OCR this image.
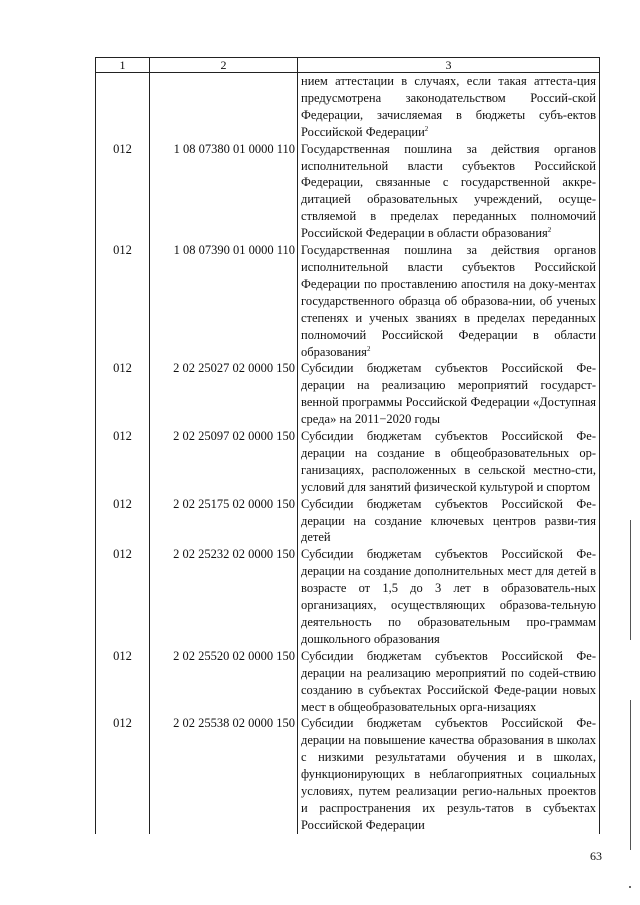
1	2	3
		нием аттестации в случаях, если такая аттеста-ция предусмотрена законодательством Россий-ской Федерации, зачисляемая в бюджеты субъ-ектов Российской Федерации$^2$
012	1 08 07380 01 0000 110	Государственная пошлина за действия органов исполнительной власти субъектов Российской Федерации, связанные с государственной аккре-дитацией образовательных учреждений, осуще-ствляемой в пределах переданных полномочий Российской Федерации в области образования$^2$
012	1 08 07390 01 0000 110	Государственная пошлина за действия органов исполнительной власти субъектов Российской Федерации по проставлению апостиля на доку-ментах государственного образца об образова-нии, об ученых степенях и ученых званиях в пределах переданных полномочий Российской Федерации в области образования$^2$
012	2 02 25027 02 0000 150	Субсидии бюджетам субъектов Российской Фе-дерации на реализацию мероприятий государст-венной программы Российской Федерации «Доступная среда» на 2011−2020 годы
012	2 02 25097 02 0000 150	Субсидии бюджетам субъектов Российской Фе-дерации на создание в общеобразовательных ор-ганизациях, расположенных в сельской местно-сти, условий для занятий физической культурой и спортом
012	2 02 25175 02 0000 150	Субсидии бюджетам субъектов Российской Фе-дерации на создание ключевых центров разви-тия детей
012	2 02 25232 02 0000 150	Субсидии бюджетам субъектов Российской Фе-дерации на создание дополнительных мест для детей в возрасте от 1,5 до 3 лет в образователь-ных организациях, осуществляющих образова-тельную деятельность по образовательным про-граммам дошкольного образования
012	2 02 25520 02 0000 150	Субсидии бюджетам субъектов Российской Фе-дерации на реализацию мероприятий по содей-ствию созданию в субъектах Российской Феде-рации новых мест в общеобразовательных орга-низациях
012	2 02 25538 02 0000 150	Субсидии бюджетам субъектов Российской Фе-дерации на повышение качества образования в школах с низкими результатами обучения и в школах, функционирующих в неблагоприятных социальных условиях, путем реализации регио-нальных проектов и распространения их резуль-татов в субъектах Российской Федерации
63
